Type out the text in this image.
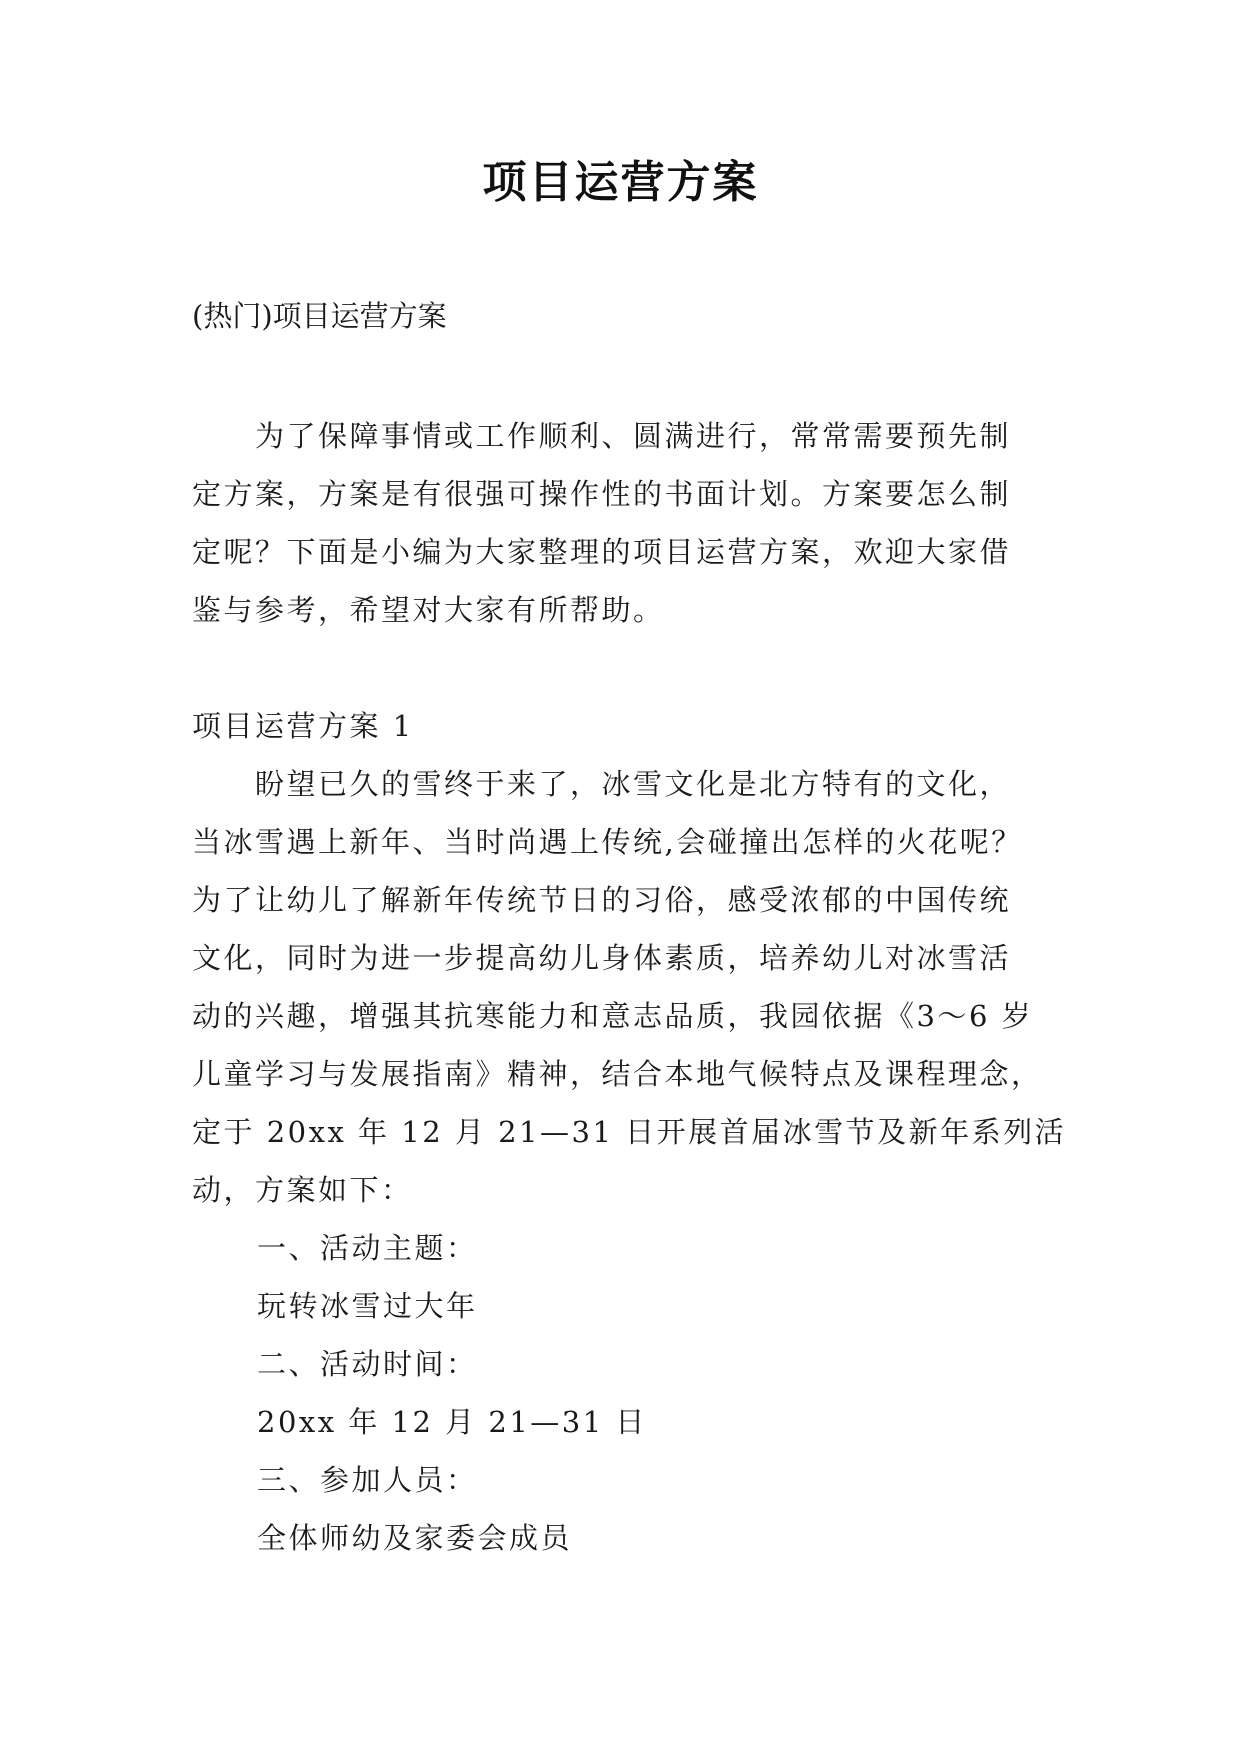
项目运营方案
(热门)项目运营方案
　　为了保障事情或工作顺利、圆满进行，常常需要预先制
定方案，方案是有很强可操作性的书面计划。方案要怎么制
定呢？下面是小编为大家整理的项目运营方案，欢迎大家借
鉴与参考，希望对大家有所帮助。
项目运营方案 1
　　盼望已久的雪终于来了，冰雪文化是北方特有的文化，
当冰雪遇上新年、当时尚遇上传统,会碰撞出怎样的火花呢？
为了让幼儿了解新年传统节日的习俗，感受浓郁的中国传统
文化，同时为进一步提高幼儿身体素质，培养幼儿对冰雪活
动的兴趣，增强其抗寒能力和意志品质，我园依据《3～6 岁
儿童学习与发展指南》精神，结合本地气候特点及课程理念，
定于 20xx 年 12 月 21—31 日开展首届冰雪节及新年系列活
动，方案如下：
一、活动主题：
玩转冰雪过大年
二、活动时间：
20xx 年 12 月 21—31 日
三、参加人员：
全体师幼及家委会成员
